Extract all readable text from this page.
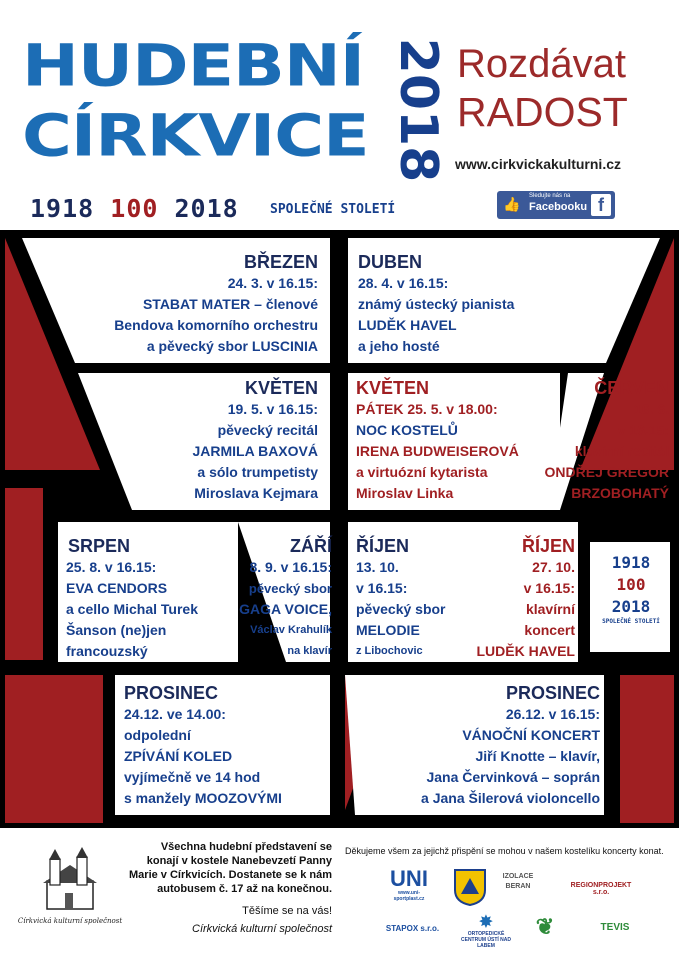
HUDEBNÍ
CÍRKVICE 2018 Rozdávat
RADOST
www.cirkvickakulturni.cz
1918 100 2018 SPOLEČNÉ STOLETÍ	👍 Sledujte nás na
Facebooku f
BŘEZEN
24. 3. v 16.15:
STABAT MATER – členové
Bendova komorního orchestru
a pěvecký sbor LUSCINIA
DUBEN
28. 4. v 16.15:
známý ústecký pianista
LUDĚK HAVEL
a jeho hosté
KVĚTEN
19. 5. v 16.15:
pěvecký recitál
JARMILA BAXOVÁ
a sólo trumpetisty
Miroslava Kejmara
KVĚTEN
PÁTEK 25. 5. v 18.00:
NOC KOSTELŮ
IRENA BUDWEISEROVÁ
a virtuózní kytarista
Miroslav Linka
ČERVEN
16. 6.
v 16.15:
klavírní recitál
ONDŘEJ GREGOR
BRZOBOHATÝ
SRPEN
25. 8. v 16.15:
EVA CENDORS
a cello Michal Turek
Šanson (ne)jen
francouzský
ZÁŘÍ
8. 9. v 16.15:
pěvecký sbor
GAGA VOICE,
Václav Krahulík
na klavír
ŘÍJEN
13. 10.
v 16.15:
pěvecký sbor
MELODIE
z Libochovic
ŘÍJEN
27. 10.
v 16.15:
klavírní
koncert
LUDĚK HAVEL
1918
100
2018
SPOLEČNÉ STOLETÍ
PROSINEC
24.12. ve 14.00:
odpolední
ZPÍVÁNÍ KOLED
vyjímečně ve 14 hod
s manžely MOOZOVÝMI
PROSINEC
26.12. v 16.15:
VÁNOČNÍ KONCERT
Jiří Knotte – klavír,
Jana Červinková – soprán
a Jana Šilerová violoncello
Církvická kulturní společnost
Všechna hudební představení se
konají v kostele Nanebevzetí Panny
Marie v Církvicích. Dostanete se k nám
autobusem č. 17 až na konečnou.
Těšíme se na vás!
Církvická kulturní společnost
Děkujeme všem za jejichž přispění se mohou v našem kostelíku koncerty konat.
UNI
www.uni-sportplast.cz
IZOLACE BERAN	REGIONPROJEKT s.r.o.
STAPOX s.r.o.	✸
ORTOPEDICKÉ CENTRUM ÚSTÍ NAD LABEM
❦	TEVIS
